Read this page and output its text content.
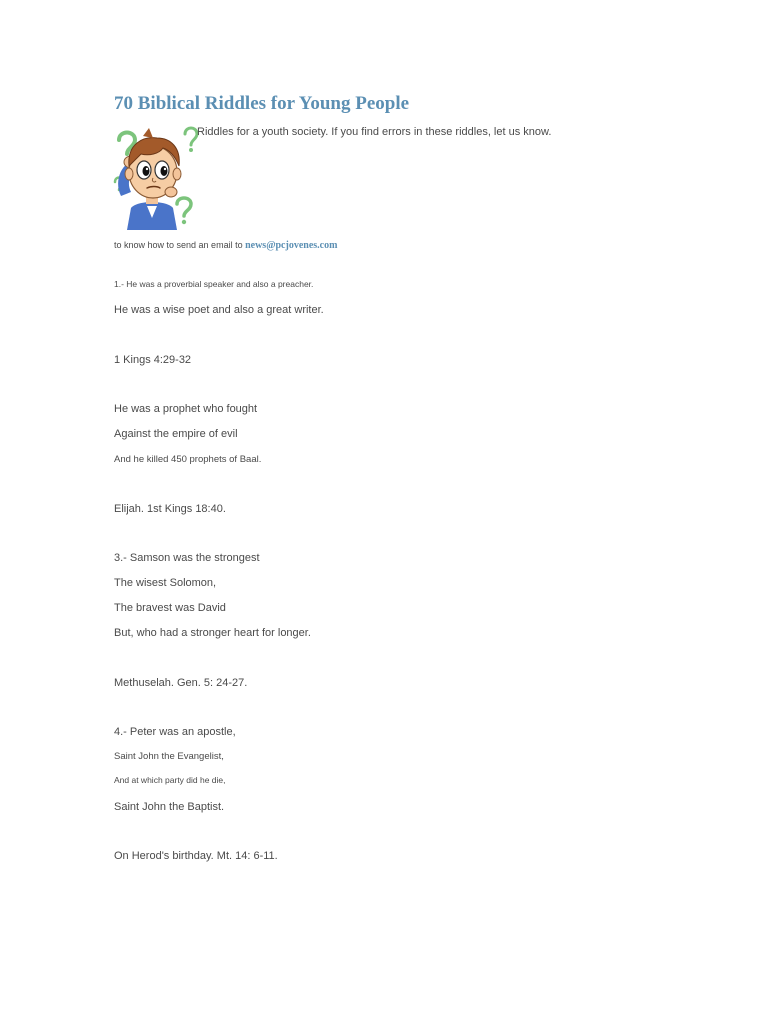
70 Biblical Riddles for Young People
Riddles for a youth society. If you find errors in these riddles, let us know.
to know how to send an email to news@pcjovenes.com
1.- He was a proverbial speaker and also a preacher.
He was a wise poet and also a great writer.
1 Kings 4:29-32
He was a prophet who fought
Against the empire of evil
And he killed 450 prophets of Baal.
Elijah. 1st Kings 18:40.
3.- Samson was the strongest
The wisest Solomon,
The bravest was David
But, who had a stronger heart for longer.
Methuselah. Gen. 5: 24-27.
4.- Peter was an apostle,
Saint John the Evangelist,
And at which party did he die,
Saint John the Baptist.
On Herod's birthday. Mt. 14: 6-11.
